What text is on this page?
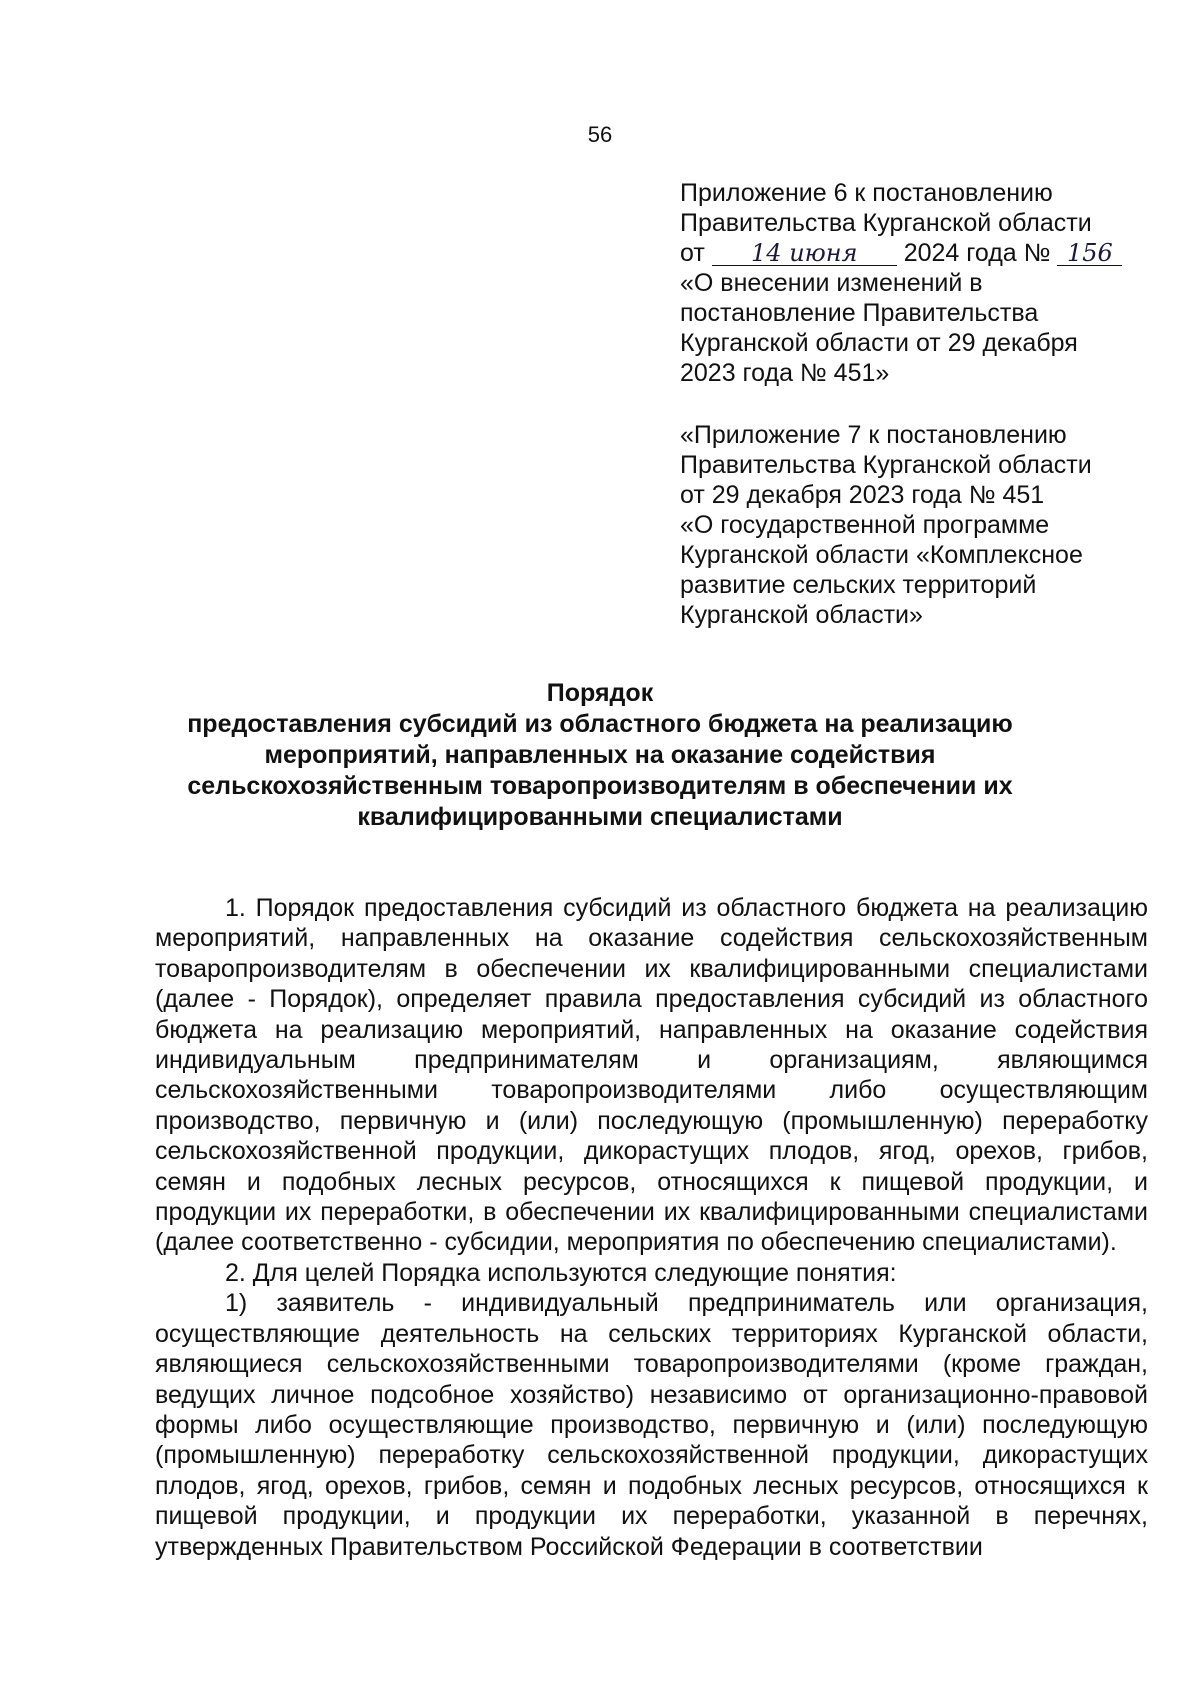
56
Приложение 6 к постановлению
Правительства Курганской области
от 14 июня 2024 года № 156
«О внесении изменений в
постановление Правительства
Курганской области от 29 декабря
2023 года № 451»
«Приложение 7 к постановлению
Правительства Курганской области
от 29 декабря 2023 года № 451
«О государственной программе
Курганской области «Комплексное
развитие сельских территорий
Курганской области»
Порядок
предоставления субсидий из областного бюджета на реализацию
мероприятий, направленных на оказание содействия
сельскохозяйственным товаропроизводителям в обеспечении их
квалифицированными специалистами

1. Порядок предоставления субсидий из областного бюджета на реализацию мероприятий, направленных на оказание содействия сельскохозяйственным товаропроизводителям в обеспечении их квалифицированными специалистами (далее - Порядок), определяет правила предоставления субсидий из областного бюджета на реализацию мероприятий, направленных на оказание содействия индивидуальным предпринимателям и организациям, являющимся сельскохозяйственными товаропроизводителями либо осуществляющим производство, первичную и (или) последующую (промышленную) переработку сельскохозяйственной продукции, дикорастущих плодов, ягод, орехов, грибов, семян и подобных лесных ресурсов, относящихся к пищевой продукции, и продукции их переработки, в обеспечении их квалифицированными специалистами (далее соответственно - субсидии, мероприятия по обеспечению специалистами).

2. Для целей Порядка используются следующие понятия:

1) заявитель - индивидуальный предприниматель или организация, осуществляющие деятельность на сельских территориях Курганской области, являющиеся сельскохозяйственными товаропроизводителями (кроме граждан, ведущих личное подсобное хозяйство) независимо от организационно-правовой формы либо осуществляющие производство, первичную и (или) последующую (промышленную) переработку сельскохозяйственной продукции, дикорастущих плодов, ягод, орехов, грибов, семян и подобных лесных ресурсов, относящихся к пищевой продукции, и продукции их переработки, указанной в перечнях, утвержденных Правительством Российской Федерации в соответствии
